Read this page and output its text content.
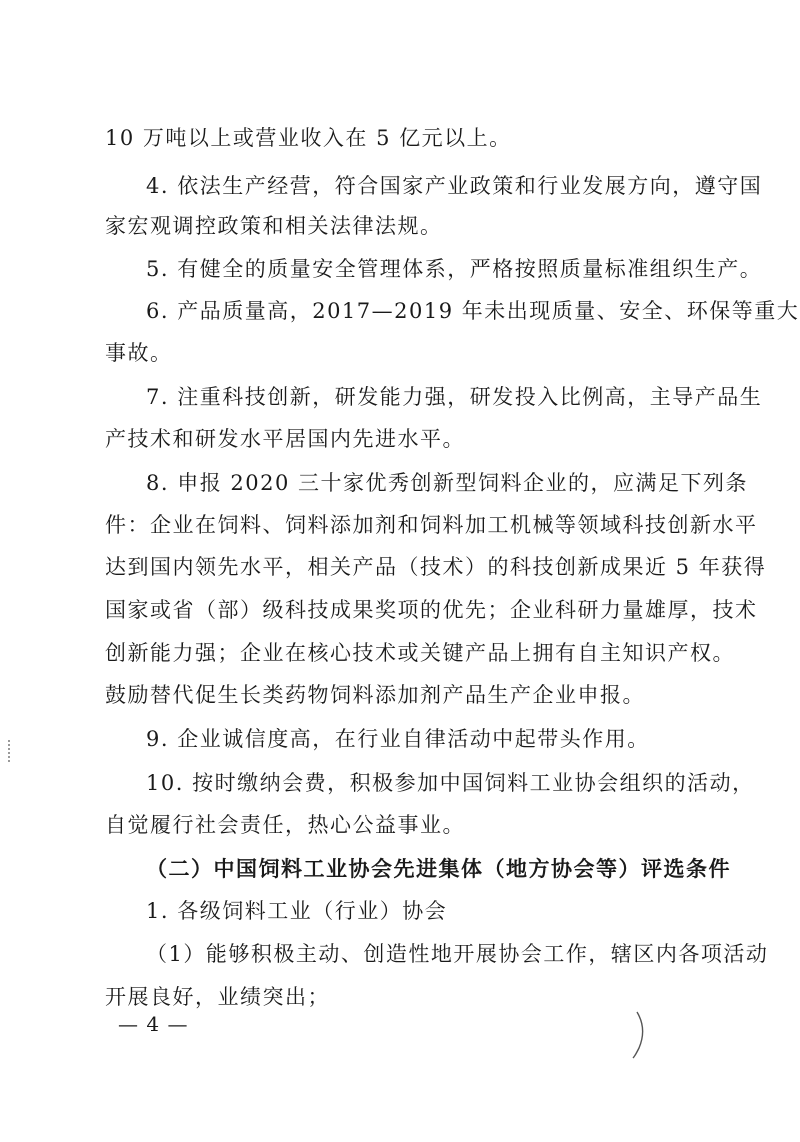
10 万吨以上或营业收入在 5 亿元以上。
4. 依法生产经营，符合国家产业政策和行业发展方向，遵守国
家宏观调控政策和相关法律法规。
5. 有健全的质量安全管理体系，严格按照质量标准组织生产。
6. 产品质量高，2017—2019 年未出现质量、安全、环保等重大
事故。
7. 注重科技创新，研发能力强，研发投入比例高，主导产品生
产技术和研发水平居国内先进水平。
8. 申报 2020 三十家优秀创新型饲料企业的，应满足下列条
件：企业在饲料、饲料添加剂和饲料加工机械等领域科技创新水平
达到国内领先水平，相关产品（技术）的科技创新成果近 5 年获得
国家或省（部）级科技成果奖项的优先；企业科研力量雄厚，技术
创新能力强；企业在核心技术或关键产品上拥有自主知识产权。
鼓励替代促生长类药物饲料添加剂产品生产企业申报。
9. 企业诚信度高，在行业自律活动中起带头作用。
10. 按时缴纳会费，积极参加中国饲料工业协会组织的活动，
自觉履行社会责任，热心公益事业。
（二）中国饲料工业协会先进集体（地方协会等）评选条件
1. 各级饲料工业（行业）协会
（1）能够积极主动、创造性地开展协会工作，辖区内各项活动
开展良好，业绩突出；
— 4 —
